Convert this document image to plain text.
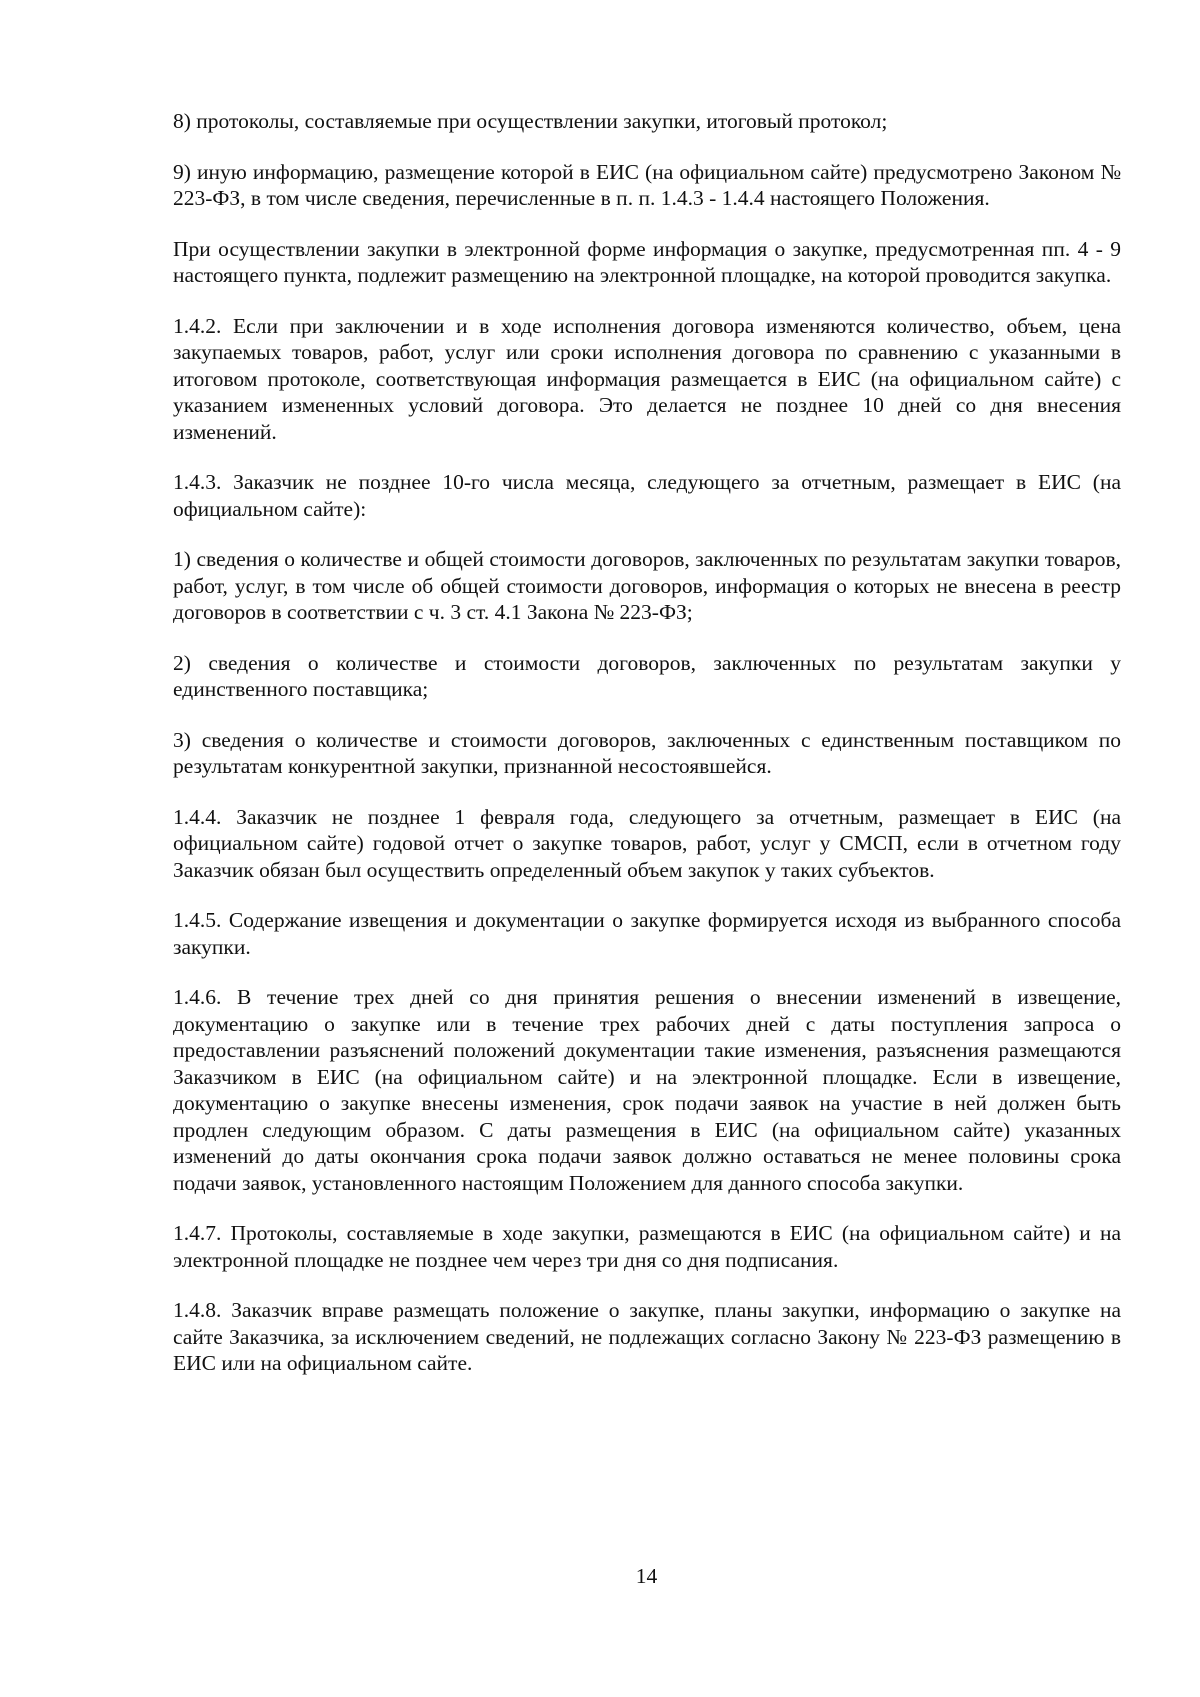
8) протоколы, составляемые при осуществлении закупки, итоговый протокол;

9) иную информацию, размещение которой в ЕИС (на официальном сайте) предусмотрено Законом № 223-ФЗ, в том числе сведения, перечисленные в п. п. 1.4.3 - 1.4.4 настоящего Положения.

При осуществлении закупки в электронной форме информация о закупке, предусмотренная пп. 4 - 9 настоящего пункта, подлежит размещению на электронной площадке, на которой проводится закупка.

1.4.2. Если при заключении и в ходе исполнения договора изменяются количество, объем, цена закупаемых товаров, работ, услуг или сроки исполнения договора по сравнению с указанными в итоговом протоколе, соответствующая информация размещается в ЕИС (на официальном сайте) с указанием измененных условий договора. Это делается не позднее 10 дней со дня внесения изменений.

1.4.3. Заказчик не позднее 10-го числа месяца, следующего за отчетным, размещает в ЕИС (на официальном сайте):

1) сведения о количестве и общей стоимости договоров, заключенных по результатам закупки товаров, работ, услуг, в том числе об общей стоимости договоров, информация о которых не внесена в реестр договоров в соответствии с ч. 3 ст. 4.1 Закона № 223-ФЗ;

2) сведения о количестве и стоимости договоров, заключенных по результатам закупки у единственного поставщика;

3) сведения о количестве и стоимости договоров, заключенных с единственным поставщиком по результатам конкурентной закупки, признанной несостоявшейся.

1.4.4. Заказчик не позднее 1 февраля года, следующего за отчетным, размещает в ЕИС (на официальном сайте) годовой отчет о закупке товаров, работ, услуг у СМСП, если в отчетном году Заказчик обязан был осуществить определенный объем закупок у таких субъектов.

1.4.5. Содержание извещения и документации о закупке формируется исходя из выбранного способа закупки.

1.4.6. В течение трех дней со дня принятия решения о внесении изменений в извещение, документацию о закупке или в течение трех рабочих дней с даты поступления запроса о предоставлении разъяснений положений документации такие изменения, разъяснения размещаются Заказчиком в ЕИС (на официальном сайте) и на электронной площадке. Если в извещение, документацию о закупке внесены изменения, срок подачи заявок на участие в ней должен быть продлен следующим образом. С даты размещения в ЕИС (на официальном сайте) указанных изменений до даты окончания срока подачи заявок должно оставаться не менее половины срока подачи заявок, установленного настоящим Положением для данного способа закупки.

1.4.7. Протоколы, составляемые в ходе закупки, размещаются в ЕИС (на официальном сайте) и на электронной площадке не позднее чем через три дня со дня подписания.

1.4.8. Заказчик вправе размещать положение о закупке, планы закупки, информацию о закупке на сайте Заказчика, за исключением сведений, не подлежащих согласно Закону № 223-ФЗ размещению в ЕИС или на официальном сайте.

14
